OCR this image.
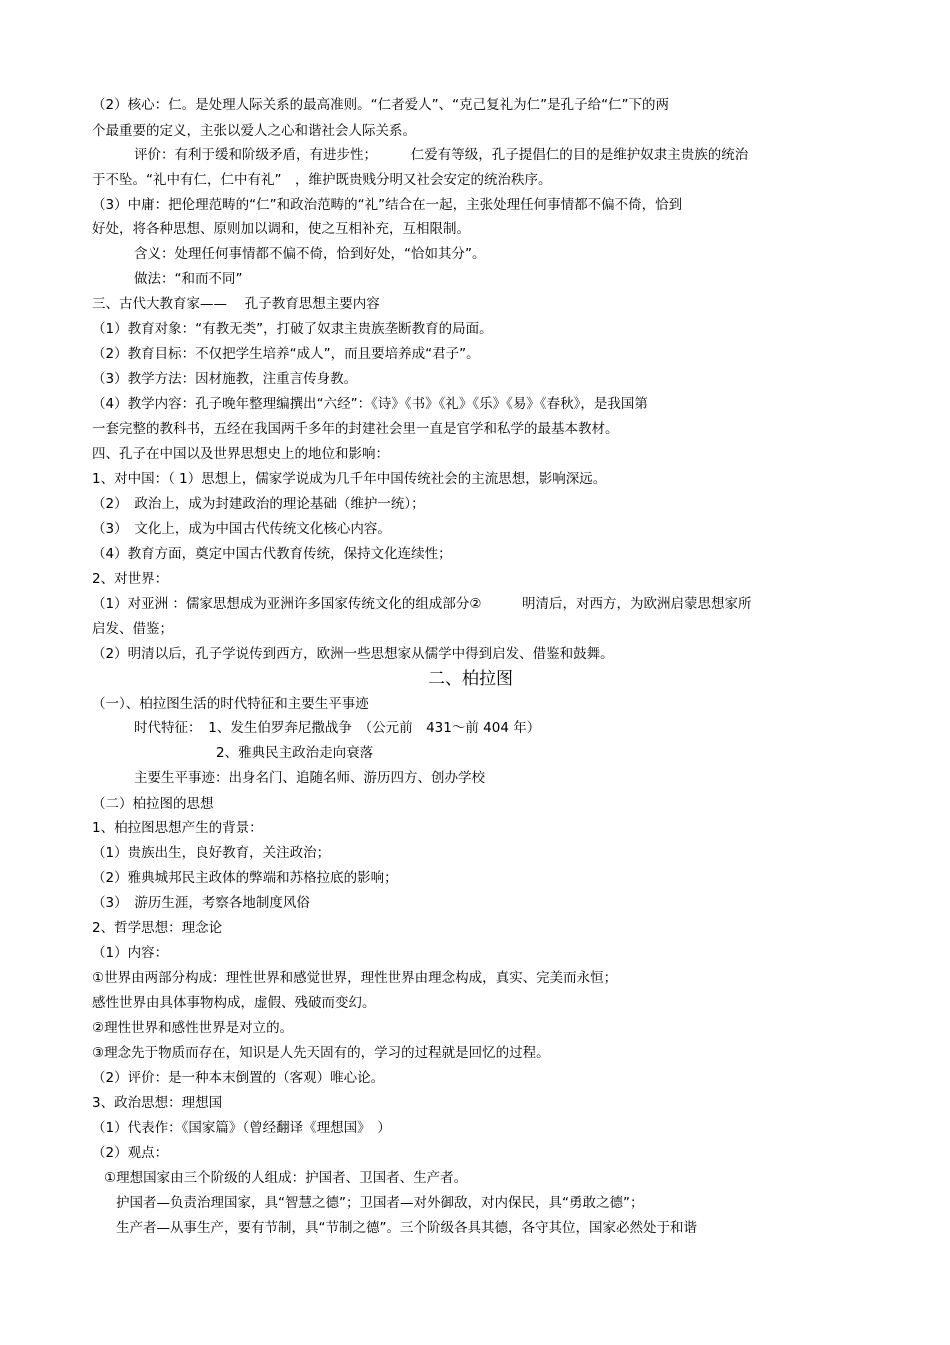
（2）核心：仁。是处理人际关系的最高准则。“仁者爱人”、“克己复礼为仁”是孔子给“仁”下的两
个最重要的定义，主张以爱人之心和谐社会人际关系。
评价：有利于缓和阶级矛盾，有进步性；　　　仁爱有等级，孔子提倡仁的目的是维护奴隶主贵族的统治
于不坠。“礼中有仁，仁中有礼”　，维护既贵贱分明又社会安定的统治秩序。
（3）中庸：把伦理范畴的“仁”和政治范畴的“礼”结合在一起，主张处理任何事情都不偏不倚，恰到
好处，将各种思想、原则加以调和，使之互相补充，互相限制。
含义：处理任何事情都不偏不倚，恰到好处，“恰如其分”。
做法：“和而不同”
三、古代大教育家——　 孔子教育思想主要内容
（1）教育对象：“有教无类”，打破了奴隶主贵族垄断教育的局面。
（2）教育目标：不仅把学生培养“成人”，而且要培养成“君子”。
（3）教学方法：因材施教，注重言传身教。
（4）教学内容：孔子晚年整理编撰出“六经”：《诗》《书》《礼》《乐》《易》《春秋》，是我国第
一套完整的教科书，五经在我国两千多年的封建社会里一直是官学和私学的最基本教材。
四、孔子在中国以及世界思想史上的地位和影响：
1、对中国：（ 1）思想上，儒家学说成为几千年中国传统社会的主流思想，影响深远。
（2）　政治上，成为封建政治的理论基础（维护一统）；
（3）　文化上，成为中国古代传统文化核心内容。
（4）教育方面，奠定中国古代教育传统，保持文化连续性；
2、对世界：
（1）对亚洲 ：儒家思想成为亚洲许多国家传统文化的组成部分②　　　明清后，对西方，为欧洲启蒙思想家所
启发、借鉴；
（2）明清以后，孔子学说传到西方，欧洲一些思想家从儒学中得到启发、借鉴和鼓舞。
二、柏拉图
（一）、柏拉图生活的时代特征和主要生平事迹
时代特征：　1、发生伯罗奔尼撒战争　（公元前　431～前 404 年）
2、雅典民主政治走向衰落
主要生平事迹：出身名门、追随名师、游历四方、创办学校
（二）柏拉图的思想
1、柏拉图思想产生的背景：
（1）贵族出生，良好教育，关注政治；
（2）雅典城邦民主政体的弊端和苏格拉底的影响；
（3）　游历生涯，考察各地制度风俗
2、哲学思想：理念论
（1）内容：
①世界由两部分构成：理性世界和感觉世界，理性世界由理念构成，真实、完美而永恒；
感性世界由具体事物构成，虚假、残破而变幻。
②理性世界和感性世界是对立的。
③理念先于物质而存在，知识是人先天固有的，学习的过程就是回忆的过程。
（2）评价：是一种本末倒置的（客观）唯心论。
3、政治思想：理想国
（1）代表作：《国家篇》（曾经翻译《理想国》　）
（2）观点：
①理想国家由三个阶级的人组成：护国者、卫国者、生产者。
护国者—负责治理国家，具“智慧之德”；卫国者—对外御敌，对内保民，具“勇敢之德”；
生产者—从事生产，要有节制，具“节制之德”。三个阶级各具其德，各守其位，国家必然处于和谐
